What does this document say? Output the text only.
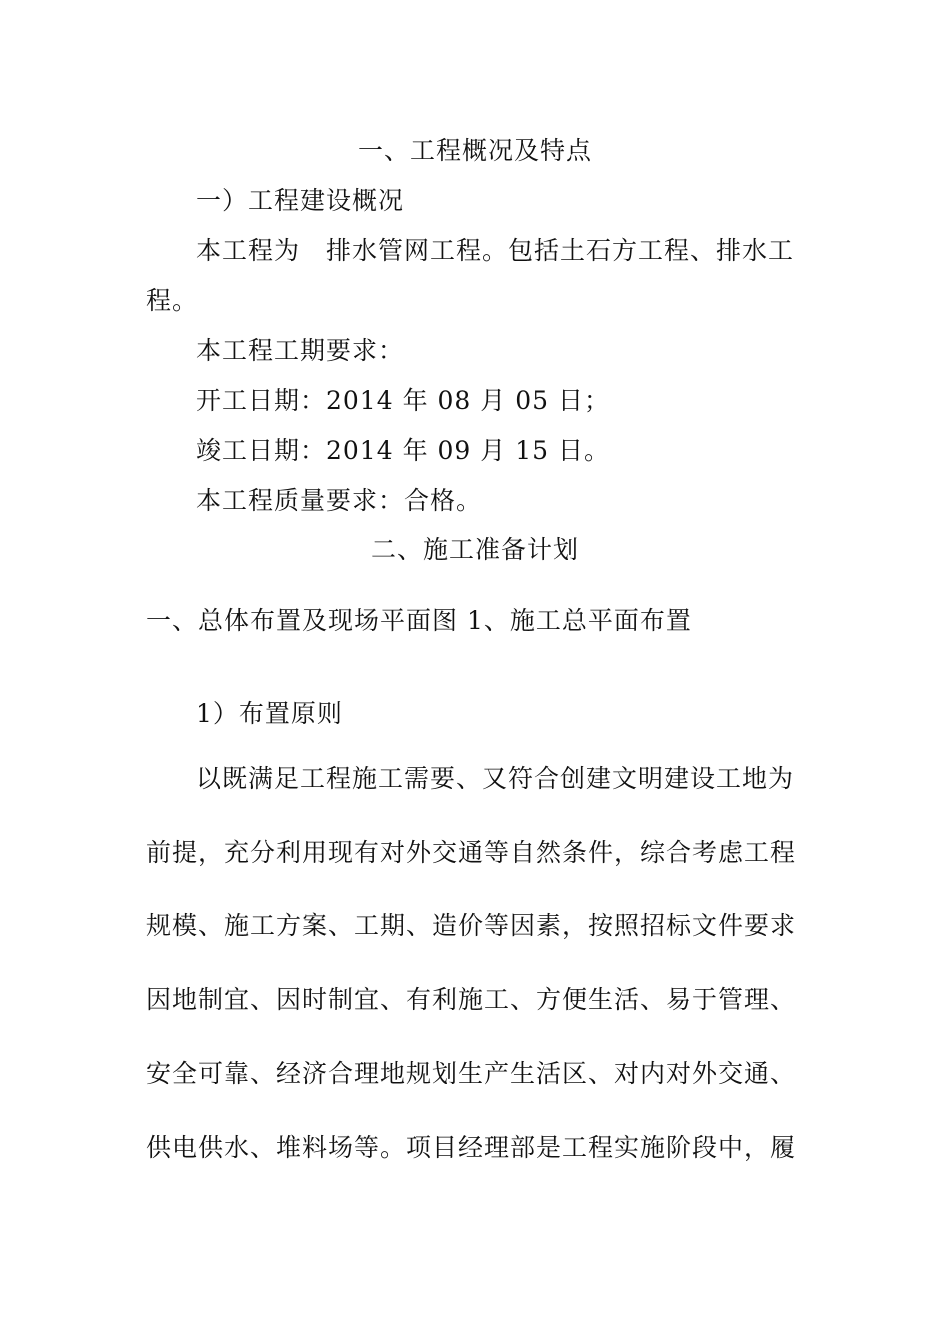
一、工程概况及特点
一）工程建设概况
本工程为　排水管网工程。包括土石方工程、排水工
程。
本工程工期要求：
开工日期：2014 年 08 月 05 日；
竣工日期：2014 年 09 月 15 日。
本工程质量要求：合格。
二、施工准备计划
一、总体布置及现场平面图 1、施工总平面布置
1）布置原则
以既满足工程施工需要、又符合创建文明建设工地为
前提，充分利用现有对外交通等自然条件，综合考虑工程
规模、施工方案、工期、造价等因素，按照招标文件要求
因地制宜、因时制宜、有利施工、方便生活、易于管理、
安全可靠、经济合理地规划生产生活区、对内对外交通、
供电供水、堆料场等。项目经理部是工程实施阶段中，履
